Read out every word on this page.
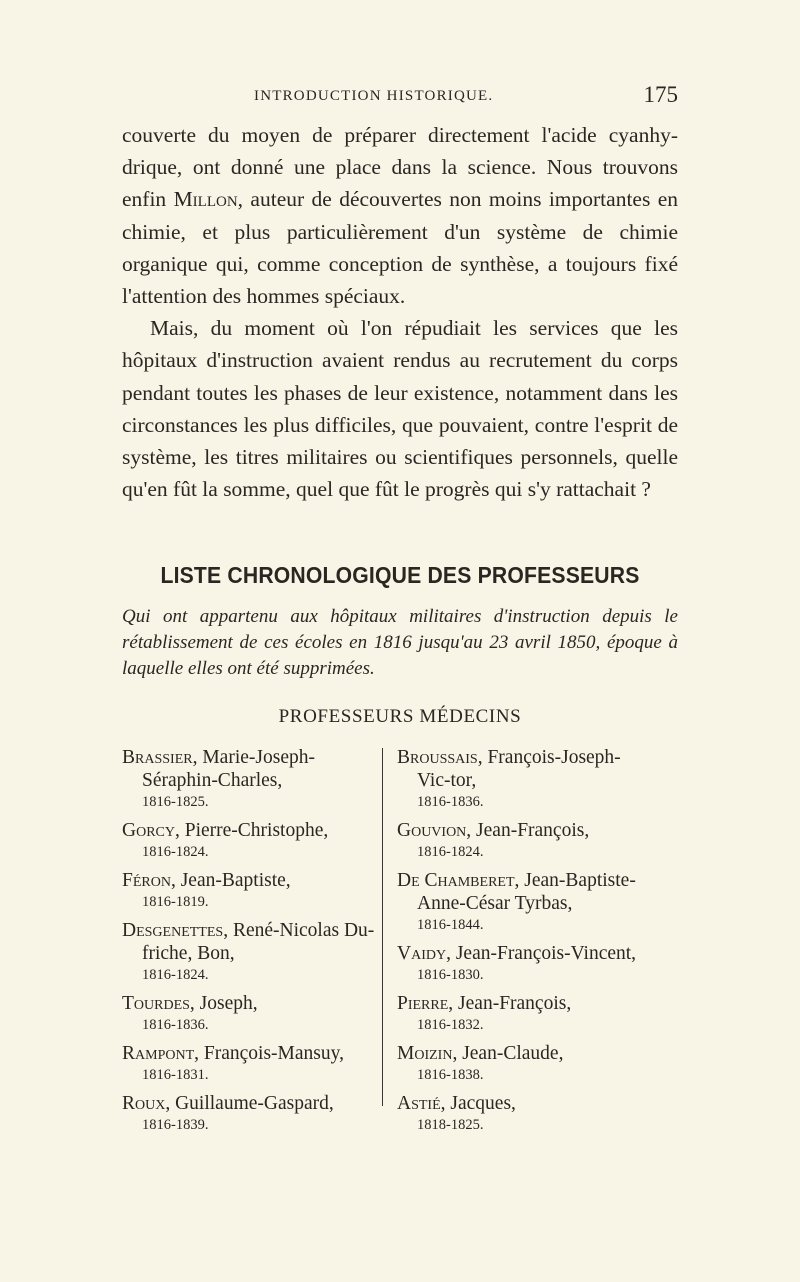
INTRODUCTION HISTORIQUE.	175

couverte du moyen de préparer directement l'acide cyanhy-drique, ont donné une place dans la science. Nous trouvons enfin Millon, auteur de découvertes non moins importantes en chimie, et plus particulièrement d'un système de chimie organique qui, comme conception de synthèse, a toujours fixé l'attention des hommes spéciaux.

Mais, du moment où l'on répudiait les services que les hôpitaux d'instruction avaient rendus au recrutement du corps pendant toutes les phases de leur existence, notamment dans les circonstances les plus difficiles, que pouvaient, contre l'esprit de système, les titres militaires ou scientifiques personnels, quelle qu'en fût la somme, quel que fût le progrès qui s'y rattachait ?

LISTE CHRONOLOGIQUE DES PROFESSEURS
Qui ont appartenu aux hôpitaux militaires d'instruction depuis le rétablissement de ces écoles en 1816 jusqu'au 23 avril 1850, époque à laquelle elles ont été supprimées.
PROFESSEURS MÉDECINS
Brassier, Marie-Joseph-Séraphin-Charles,
1816-1825.
Gorcy, Pierre-Christophe,
1816-1824.
Féron, Jean-Baptiste,
1816-1819.
Desgenettes, René-Nicolas Du-friche, Bon,
1816-1824.
Tourdes, Joseph,
1816-1836.
Rampont, François-Mansuy,
1816-1831.
Roux, Guillaume-Gaspard,
1816-1839.
Broussais, François-Joseph-Vic-tor,
1816-1836.
Gouvion, Jean-François,
1816-1824.
De Chamberet, Jean-Baptiste-Anne-César Tyrbas,
1816-1844.
Vaidy, Jean-François-Vincent,
1816-1830.
Pierre, Jean-François,
1816-1832.
Moizin, Jean-Claude,
1816-1838.
Astié, Jacques,
1818-1825.
